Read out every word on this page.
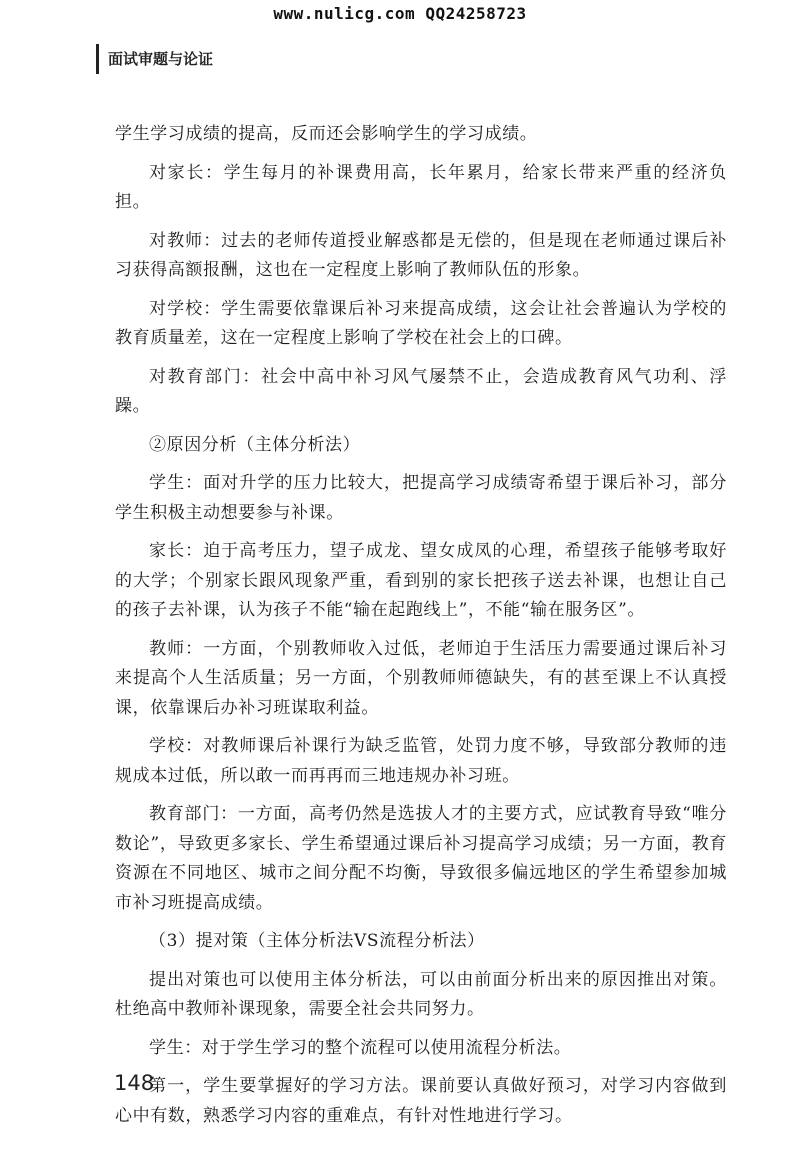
www.nulicg.com QQ24258723
面试审题与论证

学生学习成绩的提高，反而还会影响学生的学习成绩。

对家长：学生每月的补课费用高，长年累月，给家长带来严重的经济负担。

对教师：过去的老师传道授业解惑都是无偿的，但是现在老师通过课后补习获得高额报酬，这也在一定程度上影响了教师队伍的形象。

对学校：学生需要依靠课后补习来提高成绩，这会让社会普遍认为学校的教育质量差，这在一定程度上影响了学校在社会上的口碑。

对教育部门：社会中高中补习风气屡禁不止，会造成教育风气功利、浮躁。

②原因分析（主体分析法）

学生：面对升学的压力比较大，把提高学习成绩寄希望于课后补习，部分学生积极主动想要参与补课。

家长：迫于高考压力，望子成龙、望女成凤的心理，希望孩子能够考取好的大学；个别家长跟风现象严重，看到别的家长把孩子送去补课，也想让自己的孩子去补课，认为孩子不能“输在起跑线上”，不能“输在服务区”。

教师：一方面，个别教师收入过低，老师迫于生活压力需要通过课后补习来提高个人生活质量；另一方面，个别教师师德缺失，有的甚至课上不认真授课，依靠课后办补习班谋取利益。

学校：对教师课后补课行为缺乏监管，处罚力度不够，导致部分教师的违规成本过低，所以敢一而再再而三地违规办补习班。

教育部门：一方面，高考仍然是选拔人才的主要方式，应试教育导致“唯分数论”，导致更多家长、学生希望通过课后补习提高学习成绩；另一方面，教育资源在不同地区、城市之间分配不均衡，导致很多偏远地区的学生希望参加城市补习班提高成绩。

（3）提对策（主体分析法VS流程分析法）

提出对策也可以使用主体分析法，可以由前面分析出来的原因推出对策。杜绝高中教师补课现象，需要全社会共同努力。

学生：对于学生学习的整个流程可以使用流程分析法。

第一，学生要掌握好的学习方法。课前要认真做好预习，对学习内容做到心中有数，熟悉学习内容的重难点，有针对性地进行学习。

148
